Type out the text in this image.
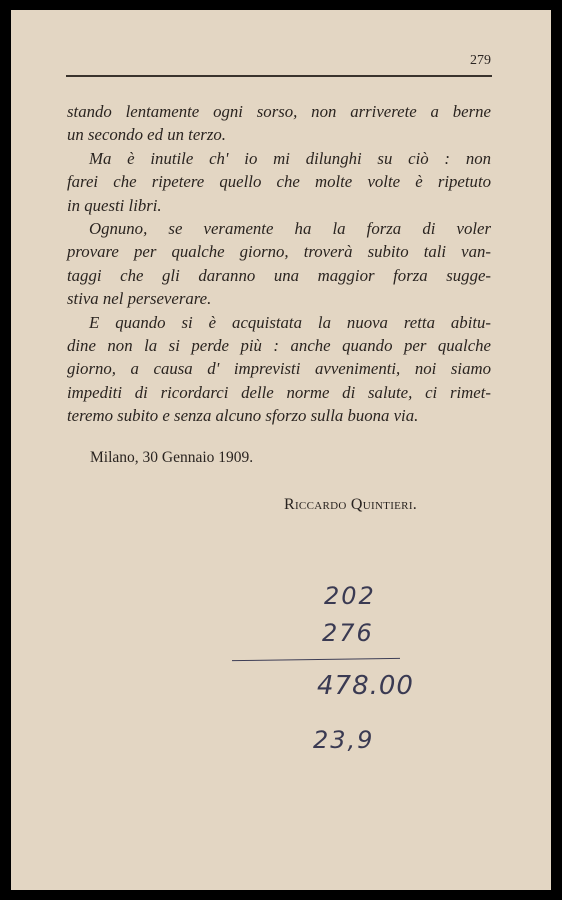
279
stando lentamente ogni sorso, non arriverete a berne
un secondo ed un terzo.
Ma è inutile ch' io mi dilunghi su ciò : non
farei che ripetere quello che molte volte è ripetuto
in questi libri.
Ognuno, se veramente ha la forza di voler
provare per qualche giorno, troverà subito tali van-
taggi che gli daranno una maggior forza sugge-
stiva nel perseverare.
E quando si è acquistata la nuova retta abitu-
dine non la si perde più : anche quando per qualche
giorno, a causa d' imprevisti avvenimenti, noi siamo
impediti di ricordarci delle norme di salute, ci rimet-
teremo subito e senza alcuno sforzo sulla buona via.
Milano, 30 Gennaio 1909.
Riccardo Quintieri.
202
276
478.00
23,9
